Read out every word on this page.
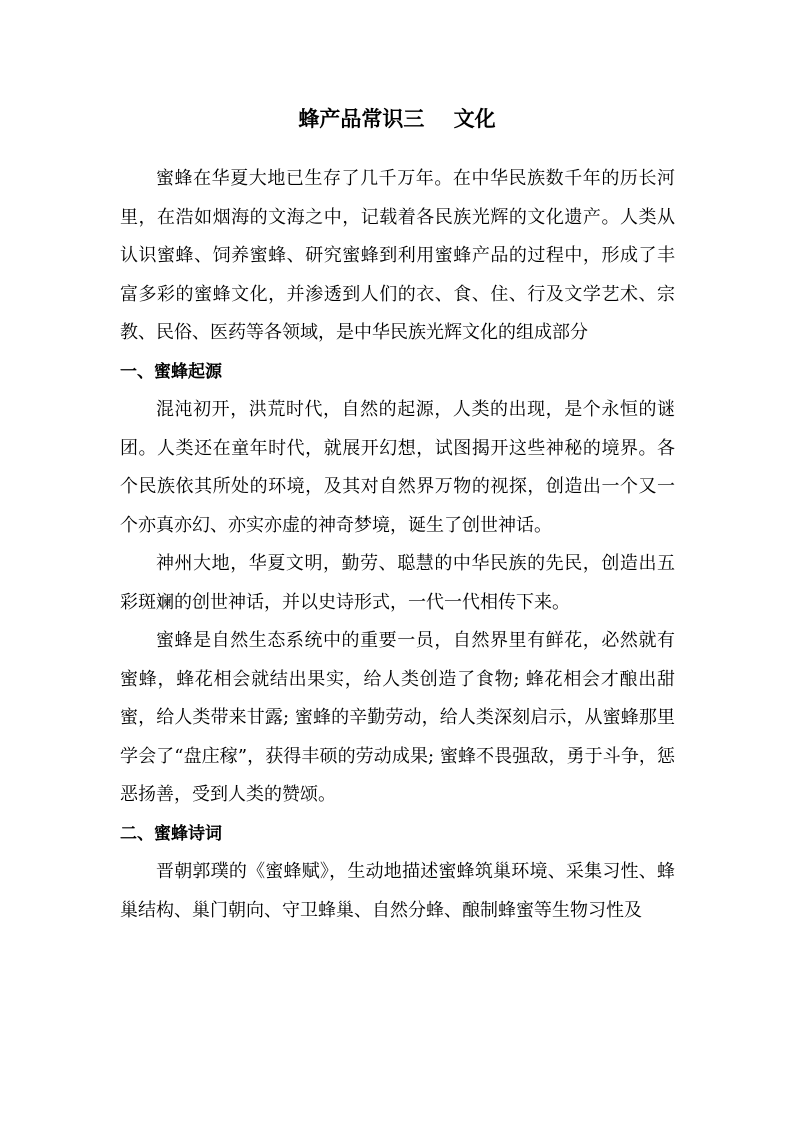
蜂产品常识三    文化

蜜蜂在华夏大地已生存了几千万年。在中华民族数千年的历长河里，在浩如烟海的文海之中，记载着各民族光辉的文化遗产。人类从认识蜜蜂、饲养蜜蜂、研究蜜蜂到利用蜜蜂产品的过程中，形成了丰富多彩的蜜蜂文化，并渗透到人们的衣、食、住、行及文学艺术、宗教、民俗、医药等各领域，是中华民族光辉文化的组成部分

一、蜜蜂起源

混沌初开，洪荒时代，自然的起源，人类的出现，是个永恒的谜团。人类还在童年时代，就展开幻想，试图揭开这些神秘的境界。各个民族依其所处的环境，及其对自然界万物的视探，创造出一个又一个亦真亦幻、亦实亦虚的神奇梦境，诞生了创世神话。

神州大地，华夏文明，勤劳、聪慧的中华民族的先民，创造出五彩斑斓的创世神话，并以史诗形式，一代一代相传下来。

蜜蜂是自然生态系统中的重要一员，自然界里有鲜花，必然就有蜜蜂，蜂花相会就结出果实，给人类创造了食物; 蜂花相会才酿出甜蜜，给人类带来甘露; 蜜蜂的辛勤劳动，给人类深刻启示，从蜜蜂那里学会了“盘庄稼”，获得丰硕的劳动成果; 蜜蜂不畏强敌，勇于斗争，惩恶扬善，受到人类的赞颂。

二、蜜蜂诗词

晋朝郭璞的《蜜蜂赋》，生动地描述蜜蜂筑巢环境、采集习性、蜂巢结构、巢门朝向、守卫蜂巢、自然分蜂、酿制蜂蜜等生物习性及
